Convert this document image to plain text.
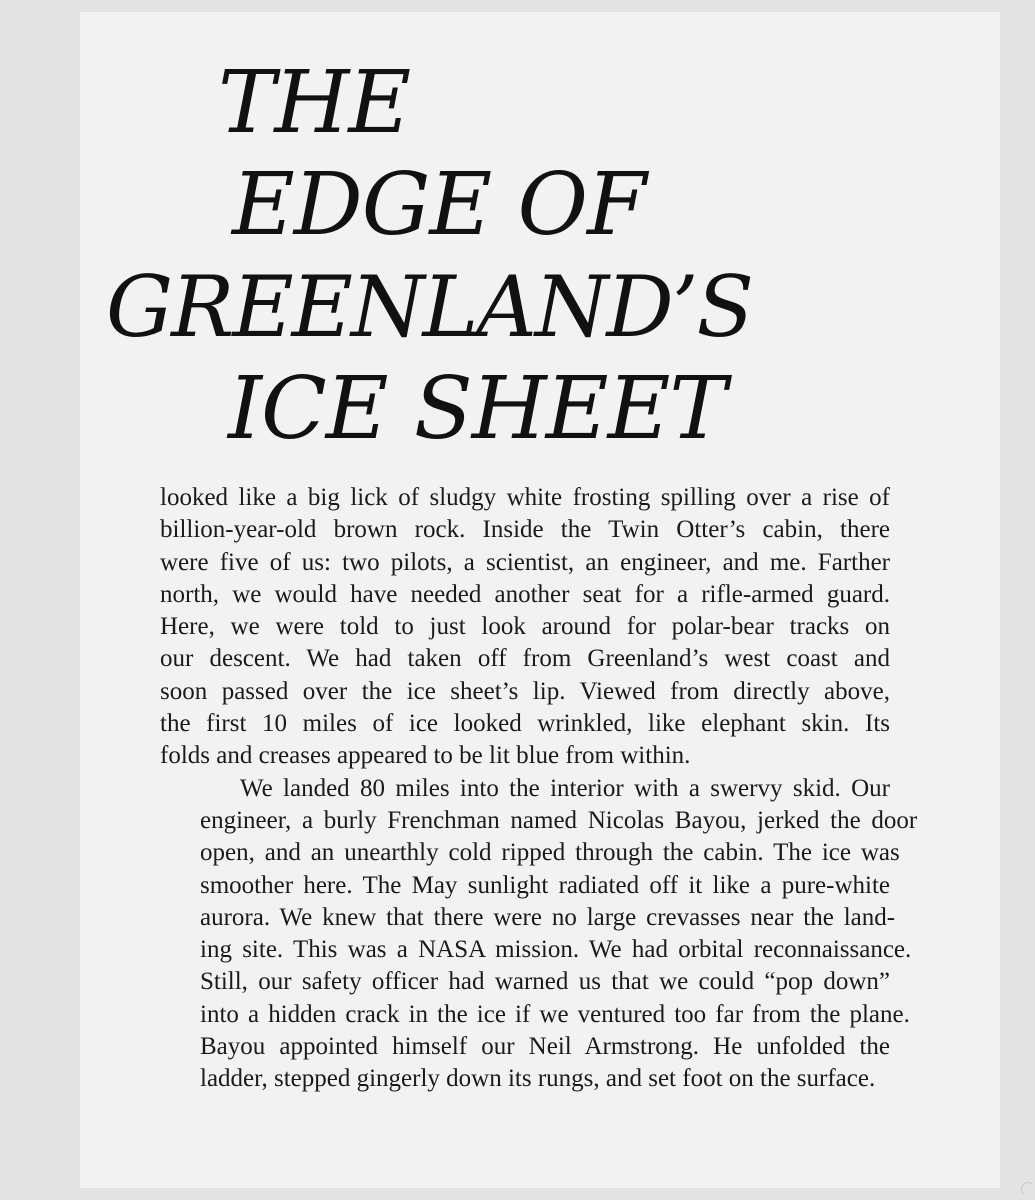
THE
EDGE OF
GREENLAND’S
ICE SHEET

looked like a big lick of sludgy white frosting spilling over a rise of
billion-year-old brown rock. Inside the Twin Otter’s cabin, there
were five of us: two pilots, a scientist, an engineer, and me. Farther
north, we would have needed another seat for a rifle-armed guard.
Here, we were told to just look around for polar-bear tracks on
our descent. We had taken off from Greenland’s west coast and
soon passed over the ice sheet’s lip. Viewed from directly above,
the first 10 miles of ice looked wrinkled, like elephant skin. Its
folds and creases appeared to be lit blue from within.

We landed 80 miles into the interior with a swervy skid. Our
engineer, a burly Frenchman named Nicolas Bayou, jerked the door
open, and an unearthly cold ripped through the cabin. The ice was
smoother here. The May sunlight radiated off it like a pure-white
aurora. We knew that there were no large crevasses near the land-
ing site. This was a NASA mission. We had orbital reconnaissance.
Still, our safety officer had warned us that we could “pop down”
into a hidden crack in the ice if we ventured too far from the plane.
Bayou appointed himself our Neil Armstrong. He unfolded the
ladder, stepped gingerly down its rungs, and set foot on the surface.
